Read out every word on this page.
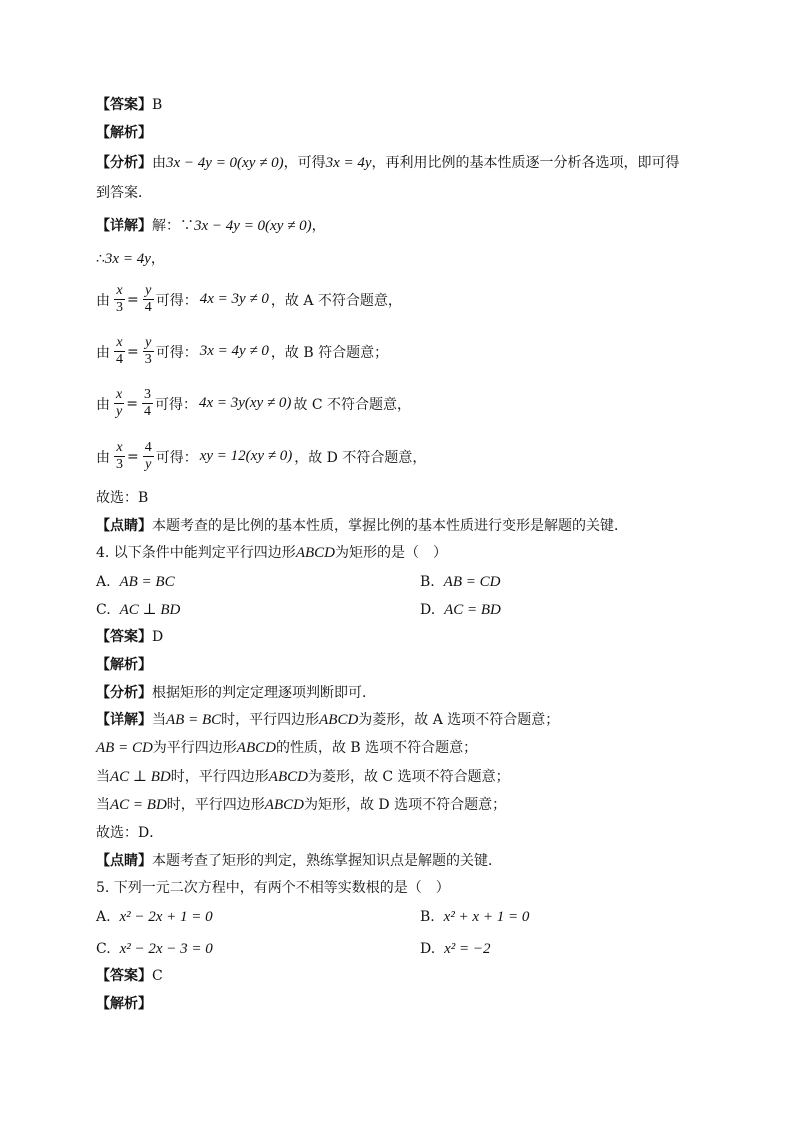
【答案】B
【解析】
【分析】由3x − 4y = 0(xy ≠ 0)，可得3x = 4y，再利用比例的基本性质逐一分析各选项，即可得
到答案．
【详解】解：∵3x − 4y = 0(xy ≠ 0)，
∴3x = 4y，
由 $\frac{x}{3} = \frac{y}{4}$ 可得： 4x = 3y ≠ 0 ，故 A 不符合题意，
由 $\frac{x}{4} = \frac{y}{3}$ 可得： 3x = 4y ≠ 0 ，故 B 符合题意；
由 $\frac{x}{y} = \frac{3}{4}$ 可得： 4x = 3y(xy ≠ 0) 故 C 不符合题意，
由 $\frac{x}{3} = \frac{4}{y}$ 可得： xy = 12(xy ≠ 0) ，故 D 不符合题意，
故选：B
【点睛】本题考查的是比例的基本性质，掌握比例的基本性质进行变形是解题的关键．
4. 以下条件中能判定平行四边形ABCD为矩形的是（　）
A. AB = BC	B. AB = CD
C. AC ⊥ BD	D. AC = BD
【答案】D
【解析】
【分析】根据矩形的判定定理逐项判断即可．
【详解】当AB = BC时，平行四边形ABCD为菱形，故 A 选项不符合题意；
AB = CD为平行四边形ABCD的性质，故 B 选项不符合题意；
当AC ⊥ BD时，平行四边形ABCD为菱形，故 C 选项不符合题意；
当AC = BD时，平行四边形ABCD为矩形，故 D 选项不符合题意；
故选：D．
【点睛】本题考查了矩形的判定，熟练掌握知识点是解题的关键．
5. 下列一元二次方程中，有两个不相等实数根的是（　）
A. x² − 2x + 1 = 0	B. x² + x + 1 = 0
C. x² − 2x − 3 = 0	D. x² = −2
【答案】C
【解析】
